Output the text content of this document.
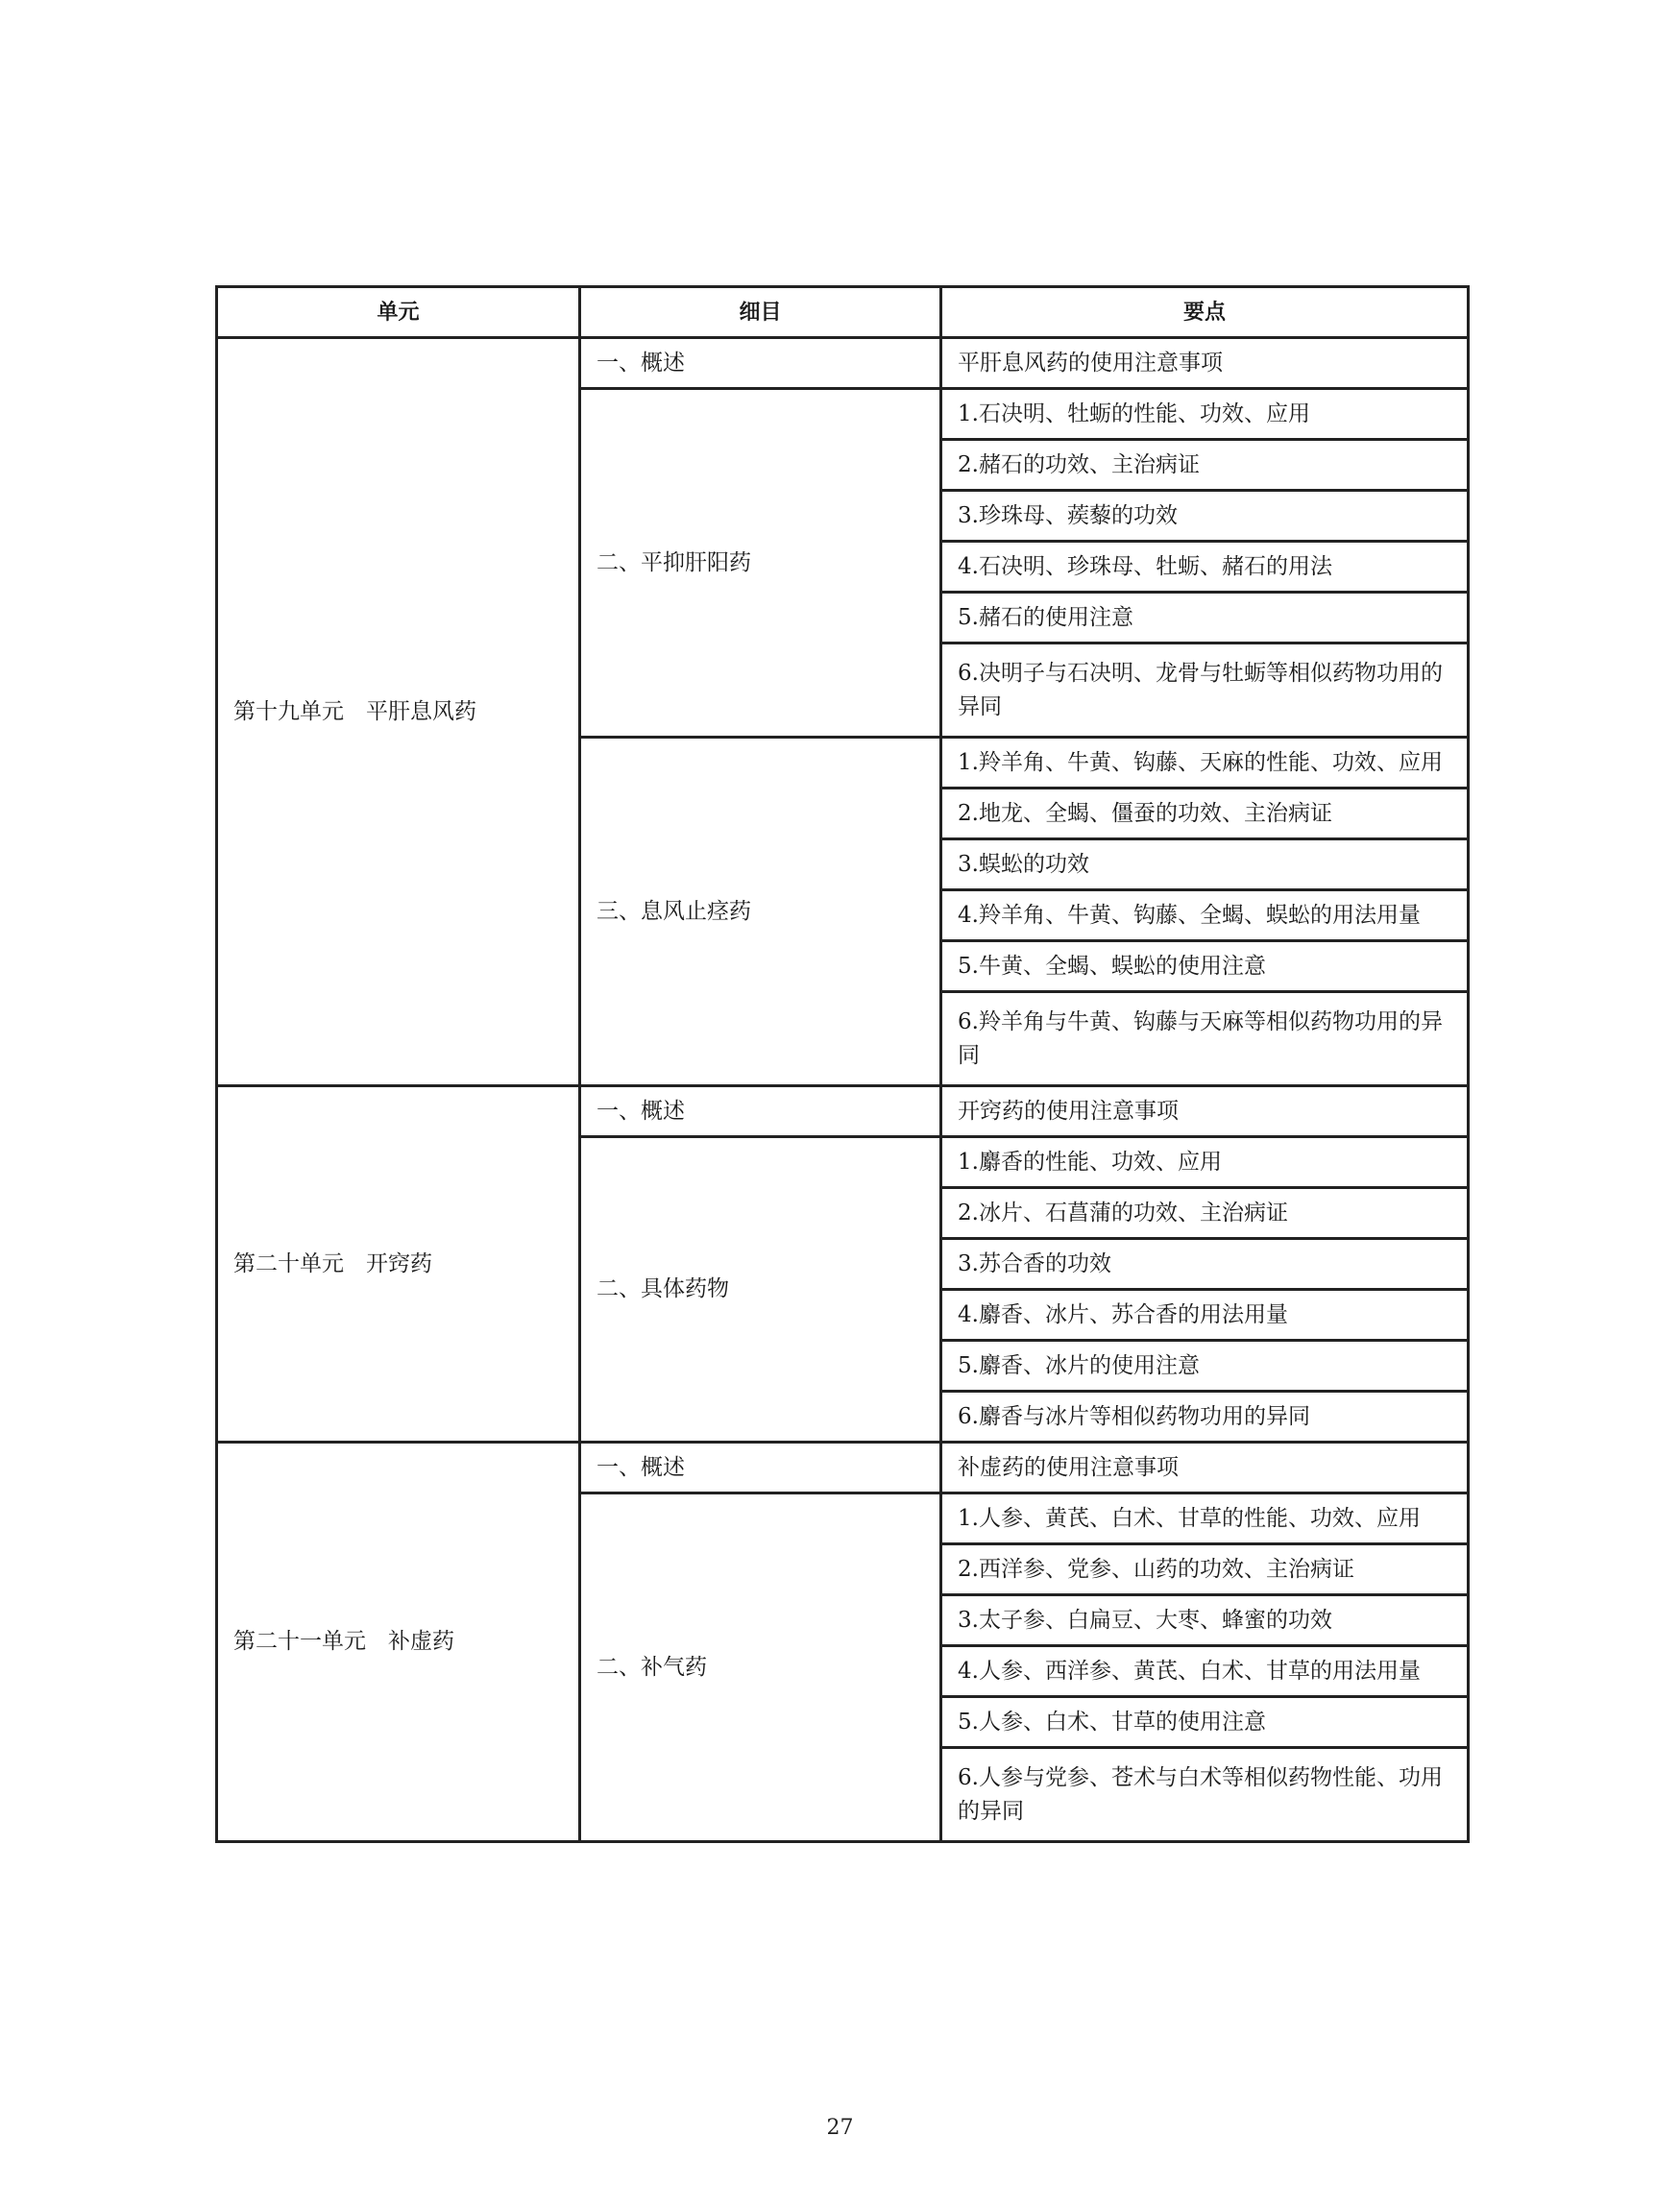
单元	细目	要点
第十九单元　平肝息风药	一、概述	平肝息风药的使用注意事项
	二、平抑肝阳药	1.石决明、牡蛎的性能、功效、应用
		2.赭石的功效、主治病证
		3.珍珠母、蒺藜的功效
		4.石决明、珍珠母、牡蛎、赭石的用法
		5.赭石的使用注意
		6.决明子与石决明、龙骨与牡蛎等相似药物功用的异同
	三、息风止痉药	1.羚羊角、牛黄、钩藤、天麻的性能、功效、应用
		2.地龙、全蝎、僵蚕的功效、主治病证
		3.蜈蚣的功效
		4.羚羊角、牛黄、钩藤、全蝎、蜈蚣的用法用量
		5.牛黄、全蝎、蜈蚣的使用注意
		6.羚羊角与牛黄、钩藤与天麻等相似药物功用的异同
第二十单元　开窍药	一、概述	开窍药的使用注意事项
	二、具体药物	1.麝香的性能、功效、应用
		2.冰片、石菖蒲的功效、主治病证
		3.苏合香的功效
		4.麝香、冰片、苏合香的用法用量
		5.麝香、冰片的使用注意
		6.麝香与冰片等相似药物功用的异同
第二十一单元　补虚药	一、概述	补虚药的使用注意事项
	二、补气药	1.人参、黄芪、白术、甘草的性能、功效、应用
		2.西洋参、党参、山药的功效、主治病证
		3.太子参、白扁豆、大枣、蜂蜜的功效
		4.人参、西洋参、黄芪、白术、甘草的用法用量
		5.人参、白术、甘草的使用注意
		6.人参与党参、苍术与白术等相似药物性能、功用的异同
27
